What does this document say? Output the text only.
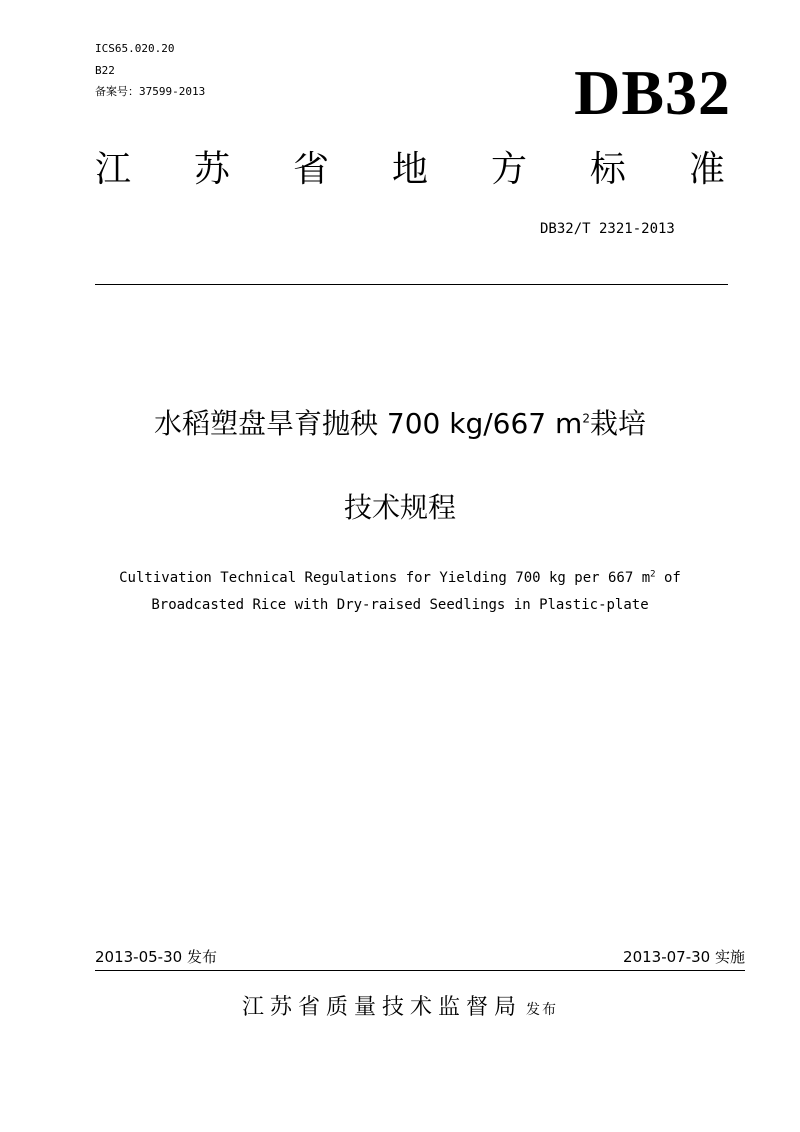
ICS65.020.20
B22
备案号：37599-2013	DB32
江 苏 省 地 方 标 准
DB32/T 2321-2013
水稻塑盘旱育抛秧 700 kg/667 $m^2$栽培
技术规程
Cultivation Technical Regulations for Yielding 700 kg per 667 $m^2$ of
Broadcasted Rice with Dry-raised Seedlings in Plastic-plate
2013-05-30 发布	2013-07-30 实施
江苏省质量技术监督局 发布
